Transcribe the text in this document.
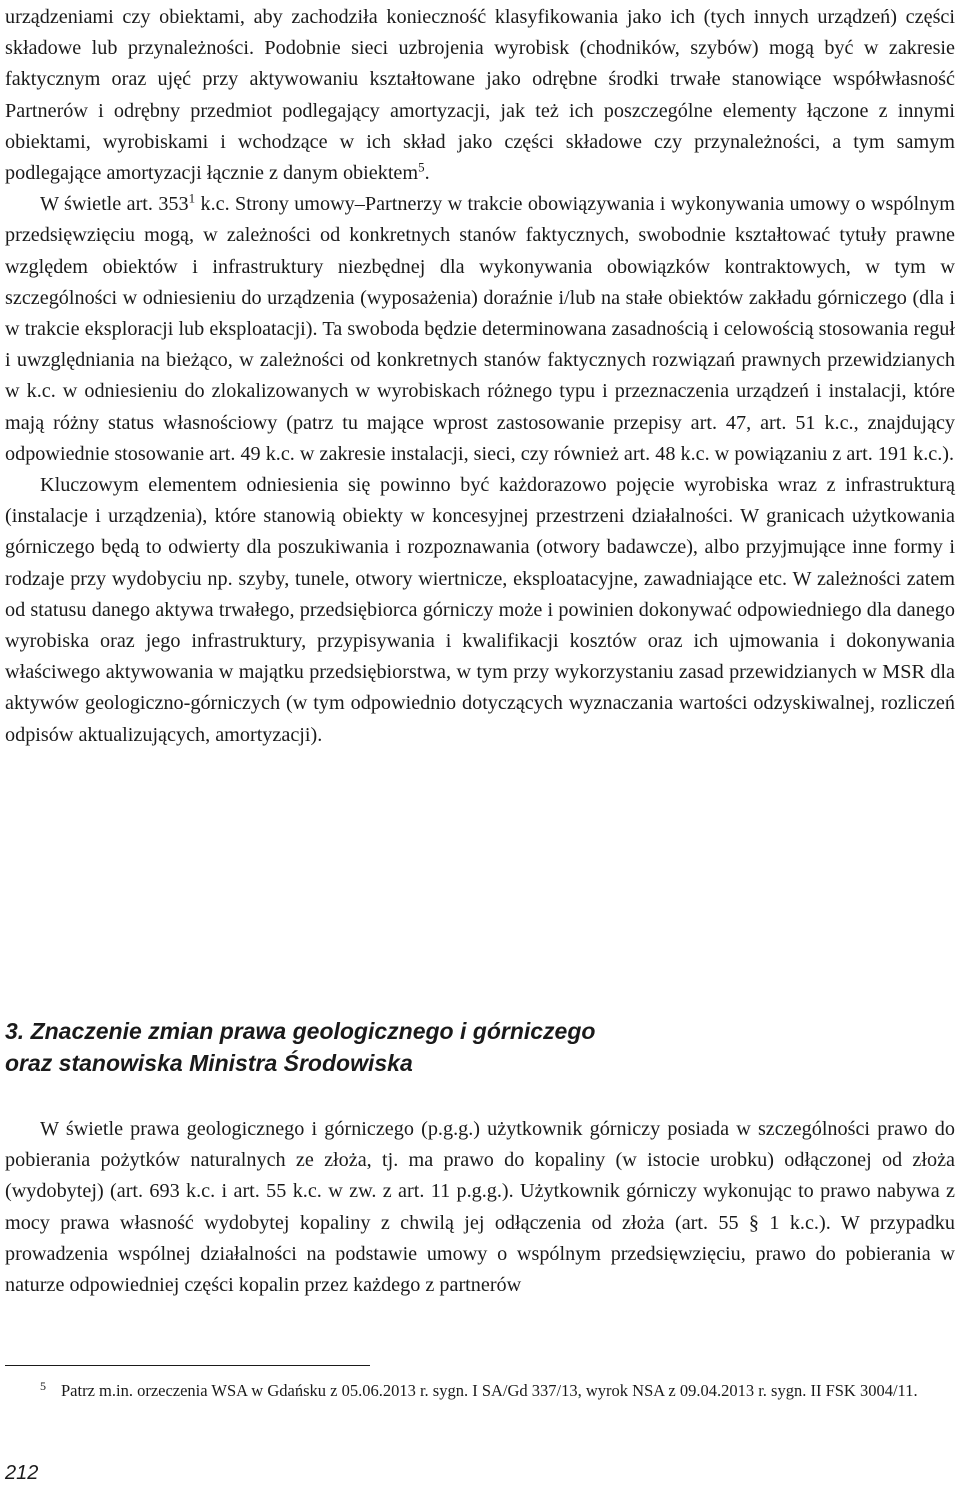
urządzeniami czy obiektami, aby zachodziła konieczność klasyfikowania jako ich (tych innych urządzeń) części składowe lub przynależności. Podobnie sieci uzbrojenia wyrobisk (chodników, szybów) mogą być w zakresie faktycznym oraz ujęć przy aktywowaniu kształtowane jako odrębne środki trwałe stanowiące współwłasność Partnerów i odrębny przedmiot podlegający amortyzacji, jak też ich poszczególne elementy łączone z innymi obiektami, wyrobiskami i wchodzące w ich skład jako części składowe czy przynależności, a tym samym podlegające amortyzacji łącznie z danym obiektem$^5$.

W świetle art. $353^1$ k.c. Strony umowy–Partnerzy w trakcie obowiązywania i wykonywania umowy o wspólnym przedsięwzięciu mogą, w zależności od konkretnych stanów faktycznych, swobodnie kształtować tytuły prawne względem obiektów i infrastruktury niezbędnej dla wykonywania obowiązków kontraktowych, w tym w szczególności w odniesieniu do urządzenia (wyposażenia) doraźnie i/lub na stałe obiektów zakładu górniczego (dla i w trakcie eksploracji lub eksploatacji). Ta swoboda będzie determinowana zasadnością i celowością stosowania reguł i uwzględniania na bieżąco, w zależności od konkretnych stanów faktycznych rozwiązań prawnych przewidzianych w k.c. w odniesieniu do zlokalizowanych w wyrobiskach różnego typu i przeznaczenia urządzeń i instalacji, które mają różny status własnościowy (patrz tu mające wprost zastosowanie przepisy art. 47, art. 51 k.c., znajdujący odpowiednie stosowanie art. 49 k.c. w zakresie instalacji, sieci, czy również art. 48 k.c. w powiązaniu z art. 191 k.c.).

Kluczowym elementem odniesienia się powinno być każdorazowo pojęcie wyrobiska wraz z infrastrukturą (instalacje i urządzenia), które stanowią obiekty w koncesyjnej przestrzeni działalności. W granicach użytkowania górniczego będą to odwierty dla poszukiwania i rozpoznawania (otwory badawcze), albo przyjmujące inne formy i rodzaje przy wydobyciu np. szyby, tunele, otwory wiertnicze, eksploatacyjne, zawadniające etc. W zależności zatem od statusu danego aktywa trwałego, przedsiębiorca górniczy może i powinien dokonywać odpowiedniego dla danego wyrobiska oraz jego infrastruktury, przypisywania i kwalifikacji kosztów oraz ich ujmowania i dokonywania właściwego aktywowania w majątku przedsiębiorstwa, w tym przy wykorzystaniu zasad przewidzianych w MSR dla aktywów geologiczno-górniczych (w tym odpowiednio dotyczących wyznaczania wartości odzyskiwalnej, rozliczeń odpisów aktualizujących, amortyzacji).

3. Znaczenie zmian prawa geologicznego i górniczego
oraz stanowiska Ministra Środowiska

W świetle prawa geologicznego i górniczego (p.g.g.) użytkownik górniczy posiada w szczególności prawo do pobierania pożytków naturalnych ze złoża, tj. ma prawo do kopaliny (w istocie urobku) odłączonej od złoża (wydobytej) (art. 693 k.c. i art. 55 k.c. w zw. z art. 11 p.g.g.). Użytkownik górniczy wykonując to prawo nabywa z mocy prawa własność wydobytej kopaliny z chwilą jej odłączenia od złoża (art. 55 § 1 k.c.). W przypadku prowadzenia wspólnej działalności na podstawie umowy o wspólnym przedsięwzięciu, prawo do pobierania w naturze odpowiedniej części kopalin przez każdego z partnerów

5 Patrz m.in. orzeczenia WSA w Gdańsku z 05.06.2013 r. sygn. I SA/Gd 337/13, wyrok NSA z 09.04.2013 r. sygn. II FSK 3004/11.

212
